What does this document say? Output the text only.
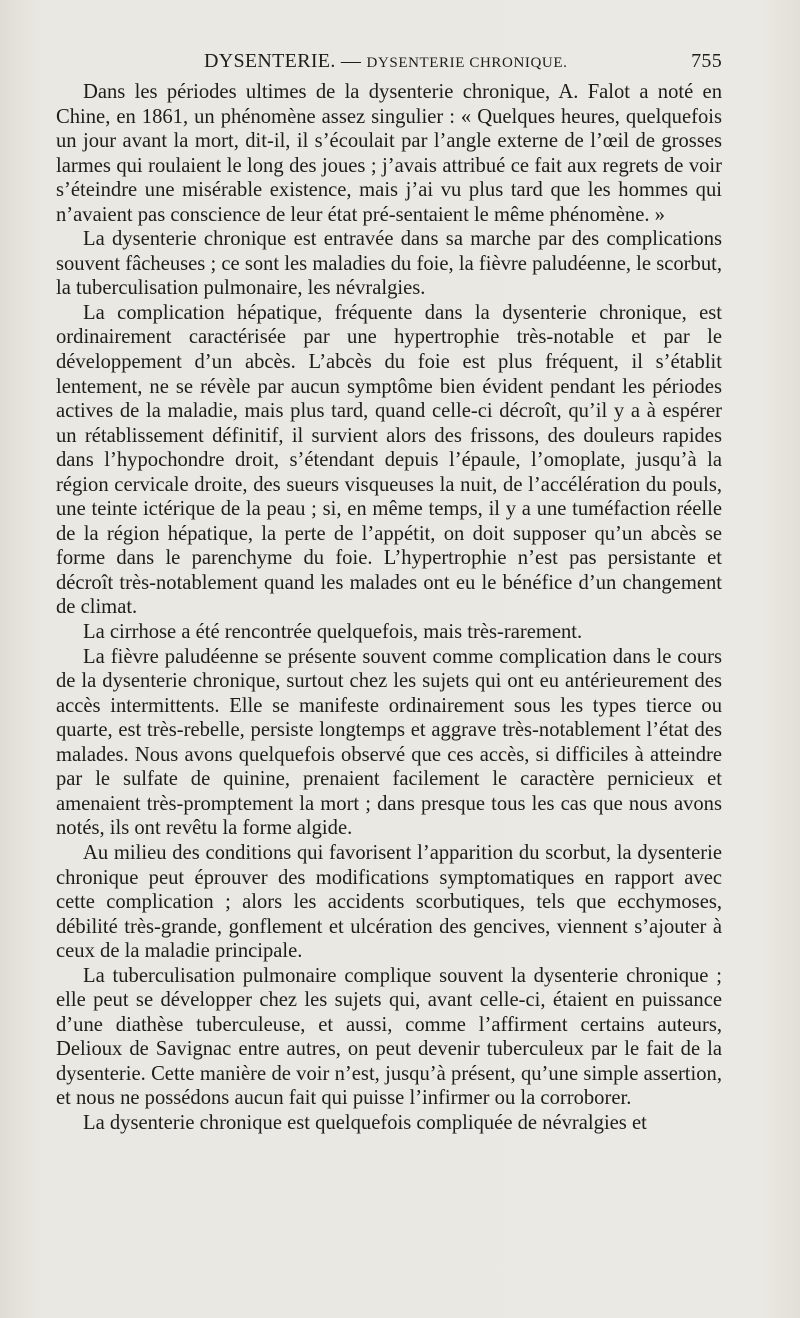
DYSENTERIE. — DYSENTERIE CHRONIQUE.	755

Dans les périodes ultimes de la dysenterie chronique, A. Falot a noté en Chine, en 1861, un phénomène assez singulier : « Quelques heures, quelquefois un jour avant la mort, dit-il, il s’écoulait par l’angle externe de l’œil de grosses larmes qui roulaient le long des joues ; j’avais attribué ce fait aux regrets de voir s’éteindre une misérable existence, mais j’ai vu plus tard que les hommes qui n’avaient pas conscience de leur état pré-sentaient le même phénomène. »

La dysenterie chronique est entravée dans sa marche par des complications souvent fâcheuses ; ce sont les maladies du foie, la fièvre paludéenne, le scorbut, la tuberculisation pulmonaire, les névralgies.

La complication hépatique, fréquente dans la dysenterie chronique, est ordinairement caractérisée par une hypertrophie très-notable et par le développement d’un abcès. L’abcès du foie est plus fréquent, il s’établit lentement, ne se révèle par aucun symptôme bien évident pendant les périodes actives de la maladie, mais plus tard, quand celle-ci décroît, qu’il y a à espérer un rétablissement définitif, il survient alors des frissons, des douleurs rapides dans l’hypochondre droit, s’étendant depuis l’épaule, l’omoplate, jusqu’à la région cervicale droite, des sueurs visqueuses la nuit, de l’accélération du pouls, une teinte ictérique de la peau ; si, en même temps, il y a une tuméfaction réelle de la région hépatique, la perte de l’appétit, on doit supposer qu’un abcès se forme dans le parenchyme du foie. L’hypertrophie n’est pas persistante et décroît très-notablement quand les malades ont eu le bénéfice d’un changement de climat.

La cirrhose a été rencontrée quelquefois, mais très-rarement.

La fièvre paludéenne se présente souvent comme complication dans le cours de la dysenterie chronique, surtout chez les sujets qui ont eu antérieurement des accès intermittents. Elle se manifeste ordinairement sous les types tierce ou quarte, est très-rebelle, persiste longtemps et aggrave très-notablement l’état des malades. Nous avons quelquefois observé que ces accès, si difficiles à atteindre par le sulfate de quinine, prenaient facilement le caractère pernicieux et amenaient très-promptement la mort ; dans presque tous les cas que nous avons notés, ils ont revêtu la forme algide.

Au milieu des conditions qui favorisent l’apparition du scorbut, la dysenterie chronique peut éprouver des modifications symptomatiques en rapport avec cette complication ; alors les accidents scorbutiques, tels que ecchymoses, débilité très-grande, gonflement et ulcération des gencives, viennent s’ajouter à ceux de la maladie principale.

La tuberculisation pulmonaire complique souvent la dysenterie chronique ; elle peut se développer chez les sujets qui, avant celle-ci, étaient en puissance d’une diathèse tuberculeuse, et aussi, comme l’affirment certains auteurs, Delioux de Savignac entre autres, on peut devenir tuberculeux par le fait de la dysenterie. Cette manière de voir n’est, jusqu’à présent, qu’une simple assertion, et nous ne possédons aucun fait qui puisse l’infirmer ou la corroborer.

La dysenterie chronique est quelquefois compliquée de névralgies et
